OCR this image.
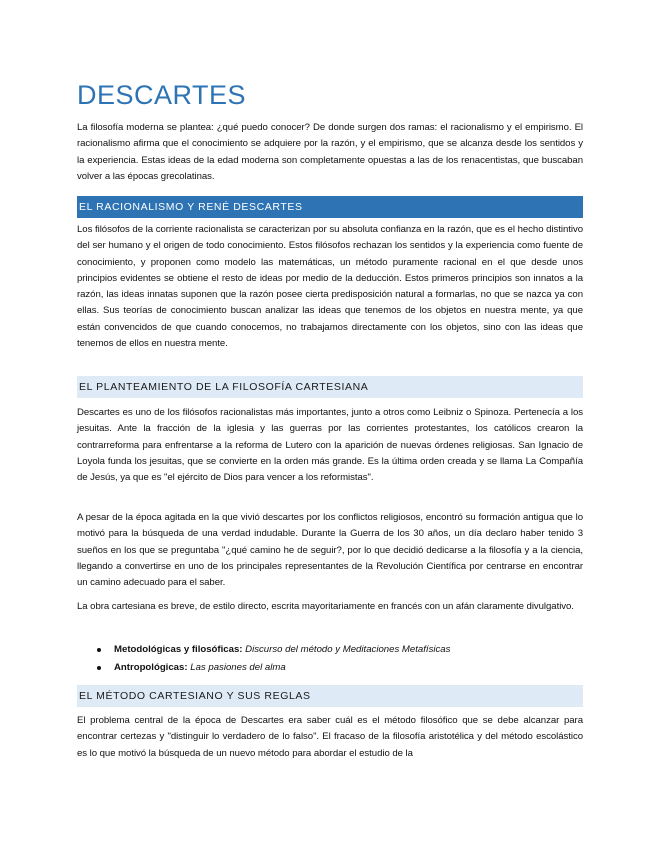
DESCARTES

La filosofía moderna se plantea: ¿qué puedo conocer? De donde surgen dos ramas: el racionalismo y el empirismo. El racionalismo afirma que el conocimiento se adquiere por la razón, y el empirismo, que se alcanza desde los sentidos y la experiencia. Estas ideas de la edad moderna son completamente opuestas a las de los renacentistas, que buscaban volver a las épocas grecolatinas.

EL RACIONALISMO Y RENÉ DESCARTES

Los filósofos de la corriente racionalista se caracterizan por su absoluta confianza en la razón, que es el hecho distintivo del ser humano y el origen de todo conocimiento. Estos filósofos rechazan los sentidos y la experiencia como fuente de conocimiento, y proponen como modelo las matemáticas, un método puramente racional en el que desde unos principios evidentes se obtiene el resto de ideas por medio de la deducción. Estos primeros principios son innatos a la razón, las ideas innatas suponen que la razón posee cierta predisposición natural a formarlas, no que se nazca ya con ellas. Sus teorías de conocimiento buscan analizar las ideas que tenemos de los objetos en nuestra mente, ya que están convencidos de que cuando conocemos, no trabajamos directamente con los objetos, sino con las ideas que tenemos de ellos en nuestra mente.

EL PLANTEAMIENTO DE LA FILOSOFÍA CARTESIANA

Descartes es uno de los filósofos racionalistas más importantes, junto a otros como Leibniz o Spinoza. Pertenecía a los jesuitas. Ante la fracción de la iglesia y las guerras por las corrientes protestantes, los católicos crearon la contrarreforma para enfrentarse a la reforma de Lutero con la aparición de nuevas órdenes religiosas. San Ignacio de Loyola funda los jesuitas, que se convierte en la orden más grande. Es la última orden creada y se llama La Compañía de Jesús, ya que es "el ejército de Dios para vencer a los reformistas".

A pesar de la época agitada en la que vivió descartes por los conflictos religiosos, encontró su formación antigua que lo motivó para la búsqueda de una verdad indudable. Durante la Guerra de los 30 años, un día declaro haber tenido 3 sueños en los que se preguntaba "¿qué camino he de seguir?, por lo que decidió dedicarse a la filosofía y a la ciencia, llegando a convertirse en uno de los principales representantes de la Revolución Científica por centrarse en encontrar un camino adecuado para el saber.

La obra cartesiana es breve, de estilo directo, escrita mayoritariamente en francés con un afán claramente divulgativo.

Metodológicas y filosóficas: Discurso del método y Meditaciones Metafísicas
Antropológicas: Las pasiones del alma
EL MÉTODO CARTESIANO Y SUS REGLAS

El problema central de la época de Descartes era saber cuál es el método filosófico que se debe alcanzar para encontrar certezas y "distinguir lo verdadero de lo falso". El fracaso de la filosofía aristotélica y del método escolástico es lo que motivó la búsqueda de un nuevo método para abordar el estudio de la
